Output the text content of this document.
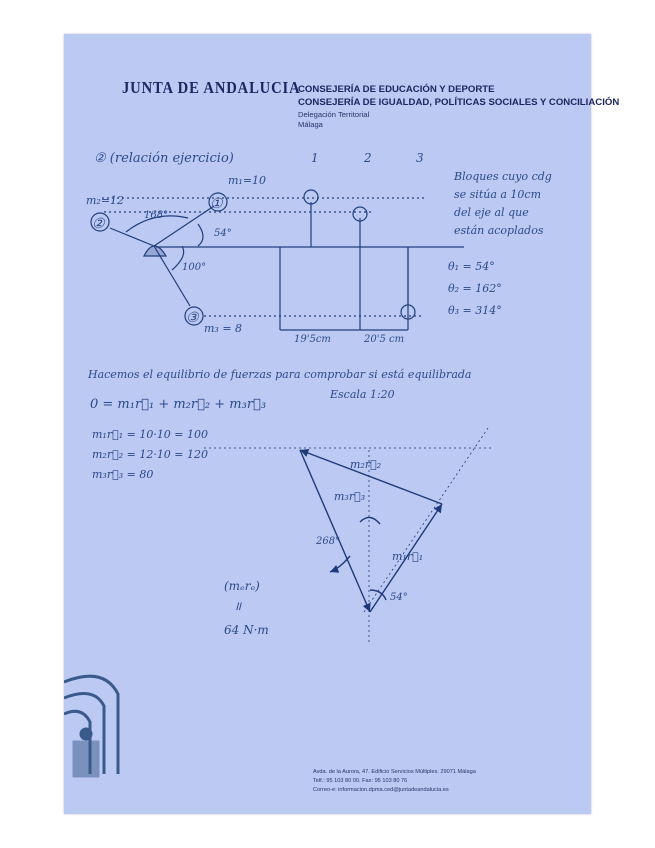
② (relación ejercicio)	1	2	3
m₁=10
m₂=12
m₃ = 8
①
②
③
168°
54°
100°
Bloques cuyo cdg
se sitúa a 10cm
del eje al que
están acoplados
θ₁ = 54°
θ₂ = 162°
θ₃ = 314°
19'5cm	20'5 cm
Hacemos el equilibrio de fuerzas para comprobar si está equilibrada
Escala 1:20
0 = m₁r⃗₁ + m₂r⃗₂ + m₃r⃗₃
m₁r⃗₁ = 10·10 = 100
m₂r⃗₂ = 12·10 = 120
m₃r⃗₃ = 80
m₂r⃗₂
m₃r⃗₃
m₁r⃗₁
268°
54°
(mₑrₑ)
॥
64 N·m
JUNTA DE ANDALUCIA
CONSEJERÍA DE EDUCACIÓN Y DEPORTE
CONSEJERÍA DE IGUALDAD, POLÍTICAS SOCIALES Y CONCILIACIÓN
Delegación Territorial
Málaga
Avda. de la Aurora, 47. Edificio Servicios Múltiples. 29071 Málaga
Telf.: 95 103 80 00. Fax: 95 103 80 76
Correo-e: informacion.dpma.ced@juntadeandalucia.es
